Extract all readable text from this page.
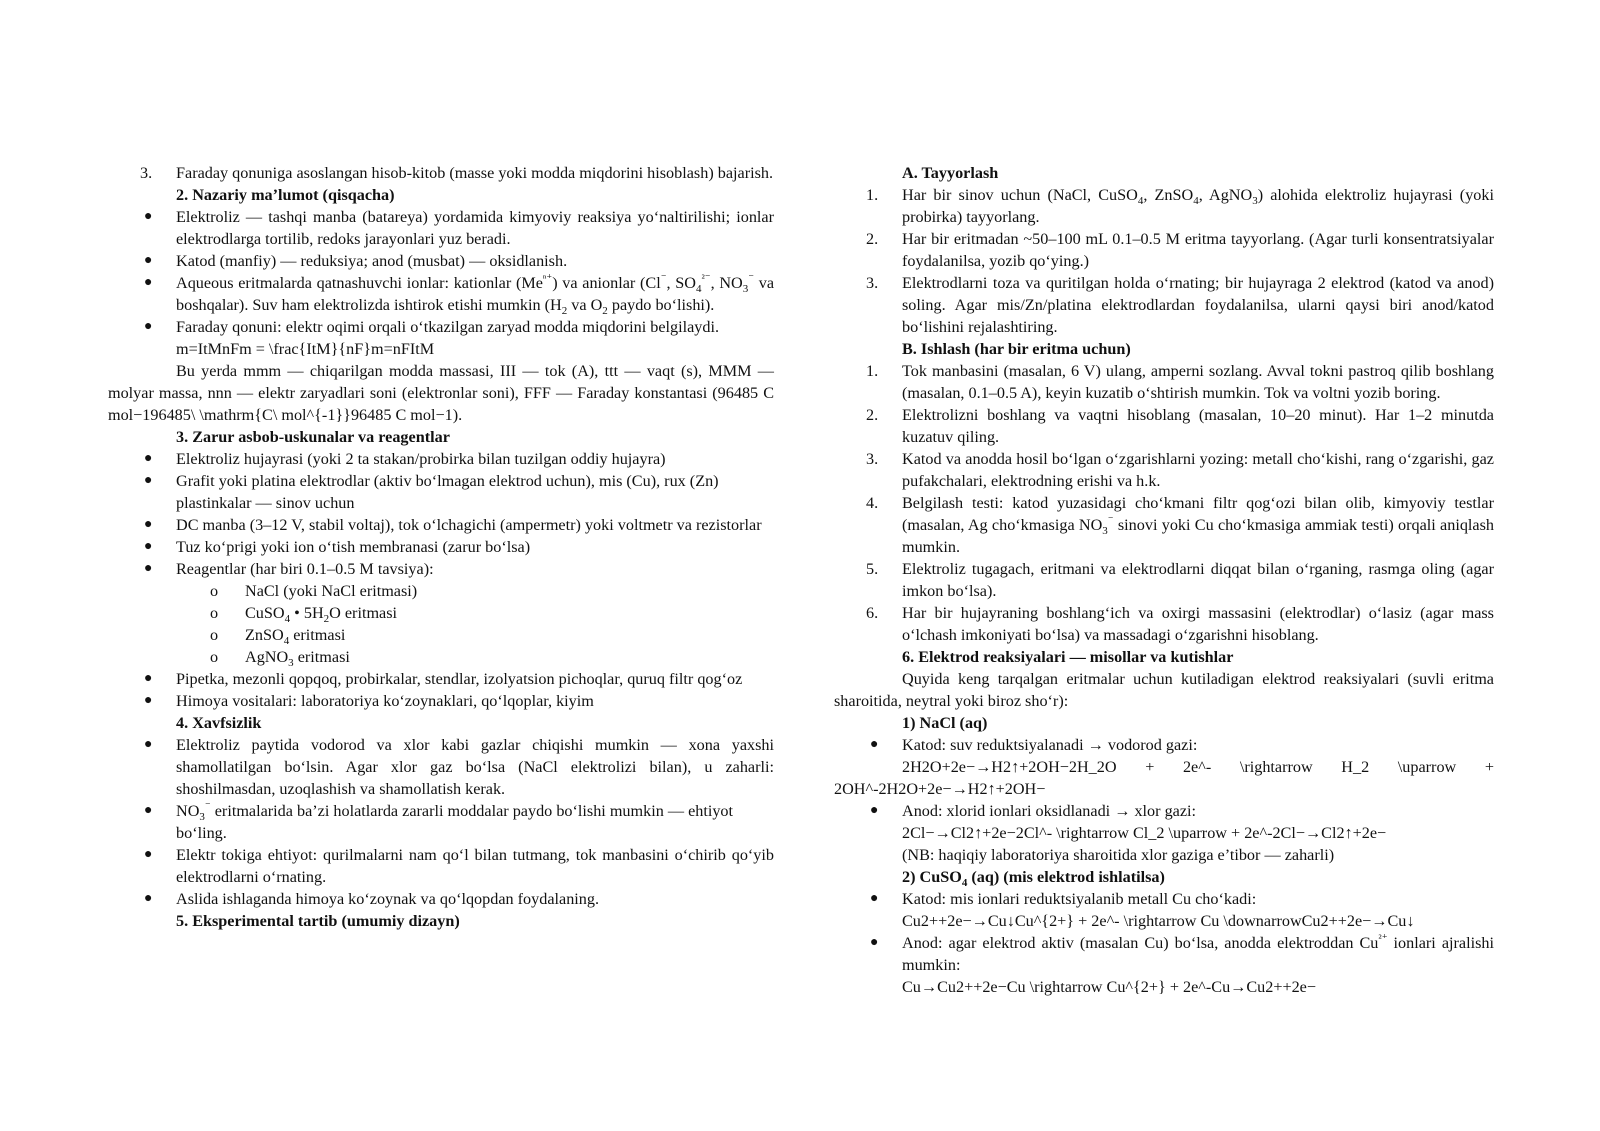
3. Faraday qonuniga asoslangan hisob-kitob (masse yoki modda miqdorini hisoblash) bajarish.
2. Nazariy ma’lumot (qisqacha)
● Elektroliz — tashqi manba (batareya) yordamida kimyoviy reaksiya yo‘naltirilishi; ionlar elektrodlarga tortilib, redoks jarayonlari yuz beradi.
● Katod (manfiy) — reduksiya; anod (musbat) — oksidlanish.
● Aqueous eritmalarda qatnashuvchi ionlar: kationlar $(Me^{^{n+}})$ va anionlar (Cl⁻, $SO_4^{^{2-}}$, $NO_3^{^-}$ va boshqalar). Suv ham elektrolizda ishtirok etishi mumkin ($H_2$ va $O_2$ paydo bo‘lishi).
● Faraday qonuni: elektr oqimi orqali o‘tkazilgan zaryad modda miqdorini belgilaydi.
m=ItMnFm = \frac{ItM}{nF}m=nFItM
Bu yerda mmm — chiqarilgan modda massasi, III — tok (A), ttt — vaqt (s), MMM — molyar massa, nnn — elektr zaryadlari soni (elektronlar soni), FFF — Faraday konstantasi (96485 C mol−196485\ \mathrm{C\ mol^{-1}}96485 C mol−1).
3. Zarur asbob-uskunalar va reagentlar
● Elektroliz hujayrasi (yoki 2 ta stakan/probirka bilan tuzilgan oddiy hujayra)
● Grafit yoki platina elektrodlar (aktiv bo‘lmagan elektrod uchun), mis (Cu), rux (Zn) plastinkalar — sinov uchun
● DC manba (3–12 V, stabil voltaj), tok o‘lchagichi (ampermetr) yoki voltmetr va rezistorlar
● Tuz ko‘prigi yoki ion o‘tish membranasi (zarur bo‘lsa)
● Reagentlar (har biri 0.1–0.5 M tavsiya):
o NaCl (yoki NaCl eritmasi)
o CuSO$_4$ • $5H_2O$ eritmasi
o ZnSO$_4$ eritmasi
o AgNO$_3$ eritmasi
● Pipetka, mezonli qopqoq, probirkalar, stendlar, izolyatsion pichoqlar, quruq filtr qog‘oz
● Himoya vositalari: laboratoriya ko‘zoynaklari, qo‘lqoplar, kiyim
4. Xavfsizlik
● Elektroliz paytida vodorod va xlor kabi gazlar chiqishi mumkin — xona yaxshi shamollatilgan bo‘lsin. Agar xlor gaz bo‘lsa (NaCl elektrolizi bilan), u zaharli: shoshilmasdan, uzoqlashish va shamollatish kerak.
● $NO_3^{^-}$ eritmalarida ba’zi holatlarda zararli moddalar paydo bo‘lishi mumkin — ehtiyot bo‘ling.
● Elektr tokiga ehtiyot: qurilmalarni nam qo‘l bilan tutmang, tok manbasini o‘chirib qo‘yib elektrodlarni o‘rnating.
● Aslida ishlaganda himoya ko‘zoynak va qo‘lqopdan foydalaning.
5. Eksperimental tartib (umumiy dizayn)
A. Tayyorlash
1. Har bir sinov uchun (NaCl, CuSO$_4$, ZnSO$_4$, AgNO$_3$) alohida elektroliz hujayrasi (yoki probirka) tayyorlang.
2. Har bir eritmadan ~50–100 mL 0.1–0.5 M eritma tayyorlang. (Agar turli konsentratsiyalar foydalanilsa, yozib qo‘ying.)
3. Elektrodlarni toza va quritilgan holda o‘rnating; bir hujayraga 2 elektrod (katod va anod) soling. Agar mis/Zn/platina elektrodlardan foydalanilsa, ularni qaysi biri anod/katod bo‘lishini rejalashtiring.
B. Ishlash (har bir eritma uchun)
1. Tok manbasini (masalan, 6 V) ulang, amperni sozlang. Avval tokni pastroq qilib boshlang (masalan, 0.1–0.5 A), keyin kuzatib o‘shtirish mumkin. Tok va voltni yozib boring.
2. Elektrolizni boshlang va vaqtni hisoblang (masalan, 10–20 minut). Har 1–2 minutda kuzatuv qiling.
3. Katod va anodda hosil bo‘lgan o‘zgarishlarni yozing: metall cho‘kishi, rang o‘zgarishi, gaz pufakchalari, elektrodning erishi va h.k.
4. Belgilash testi: katod yuzasidagi cho‘kmani filtr qog‘ozi bilan olib, kimyoviy testlar (masalan, Ag cho‘kmasiga $NO_3^{^-}$ sinovi yoki Cu cho‘kmasiga ammiak testi) orqali aniqlash mumkin.
5. Elektroliz tugagach, eritmani va elektrodlarni diqqat bilan o‘rganing, rasmga oling (agar imkon bo‘lsa).
6. Har bir hujayraning boshlang‘ich va oxirgi massasini (elektrodlar) o‘lasiz (agar mass o‘lchash imkoniyati bo‘lsa) va massadagi o‘zgarishni hisoblang.
6. Elektrod reaksiyalari — misollar va kutishlar
Quyida keng tarqalgan eritmalar uchun kutiladigan elektrod reaksiyalari (suvli eritma sharoitida, neytral yoki biroz sho‘r):
1) NaCl (aq)
● Katod: suv reduktsiyalanadi → vodorod gazi:
2H2O+2e−→H2↑+2OH−2H_2O + 2e^- \rightarrow H_2 \uparrow + 2OH^-2H2O+2e−→H2↑+2OH−
● Anod: xlorid ionlari oksidlanadi → xlor gazi:
2Cl−→Cl2↑+2e−2Cl^- \rightarrow Cl_2 \uparrow + 2e^-2Cl−→Cl2↑+2e−
(NB: haqiqiy laboratoriya sharoitida xlor gaziga e’tibor — zaharli)
2) CuSO$_4$ (aq) (mis elektrod ishlatilsa)
● Katod: mis ionlari reduktsiyalanib metall Cu cho‘kadi:
Cu2++2e−→Cu↓Cu^{2+} + 2e^- \rightarrow Cu \downarrowCu2++2e−→Cu↓
● Anod: agar elektrod aktiv (masalan Cu) bo‘lsa, anodda elektroddan $Cu^{^{2+}}$ ionlari ajralishi mumkin:
Cu→Cu2++2e−Cu \rightarrow Cu^{2+} + 2e^-Cu→Cu2++2e−
